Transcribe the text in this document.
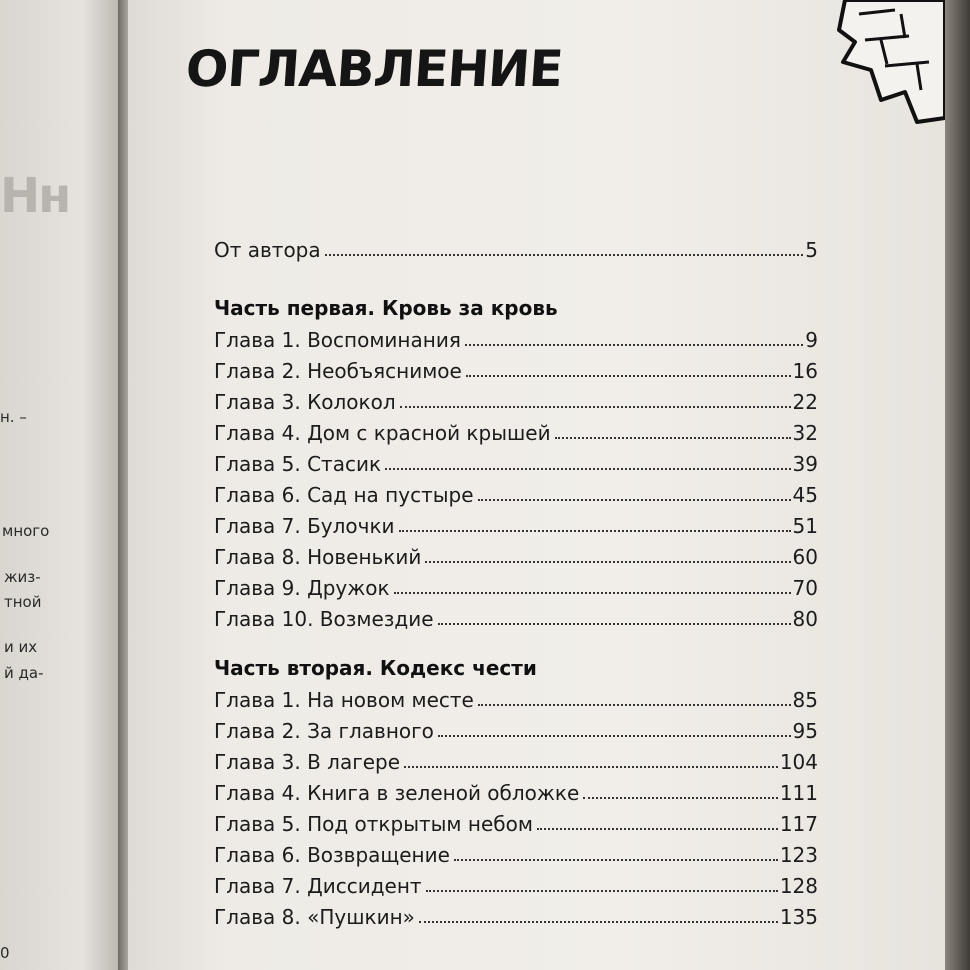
Нн
н. –
много
жиз-
тной
и их
й да-
0
ОГЛАВЛЕНИЕ
От автора	5
Часть первая. Кровь за кровь
Глава 1. Воспоминания	9
Глава 2. Необъяснимое	16
Глава 3. Колокол	22
Глава 4. Дом с красной крышей	32
Глава 5. Стасик	39
Глава 6. Сад на пустыре	45
Глава 7. Булочки	51
Глава 8. Новенький	60
Глава 9. Дружок	70
Глава 10. Возмездие	80
Часть вторая. Кодекс чести
Глава 1. На новом месте	85
Глава 2. За главного	95
Глава 3. В лагере	104
Глава 4. Книга в зеленой обложке	111
Глава 5. Под открытым небом	117
Глава 6. Возвращение	123
Глава 7. Диссидент	128
Глава 8. «Пушкин»	135
